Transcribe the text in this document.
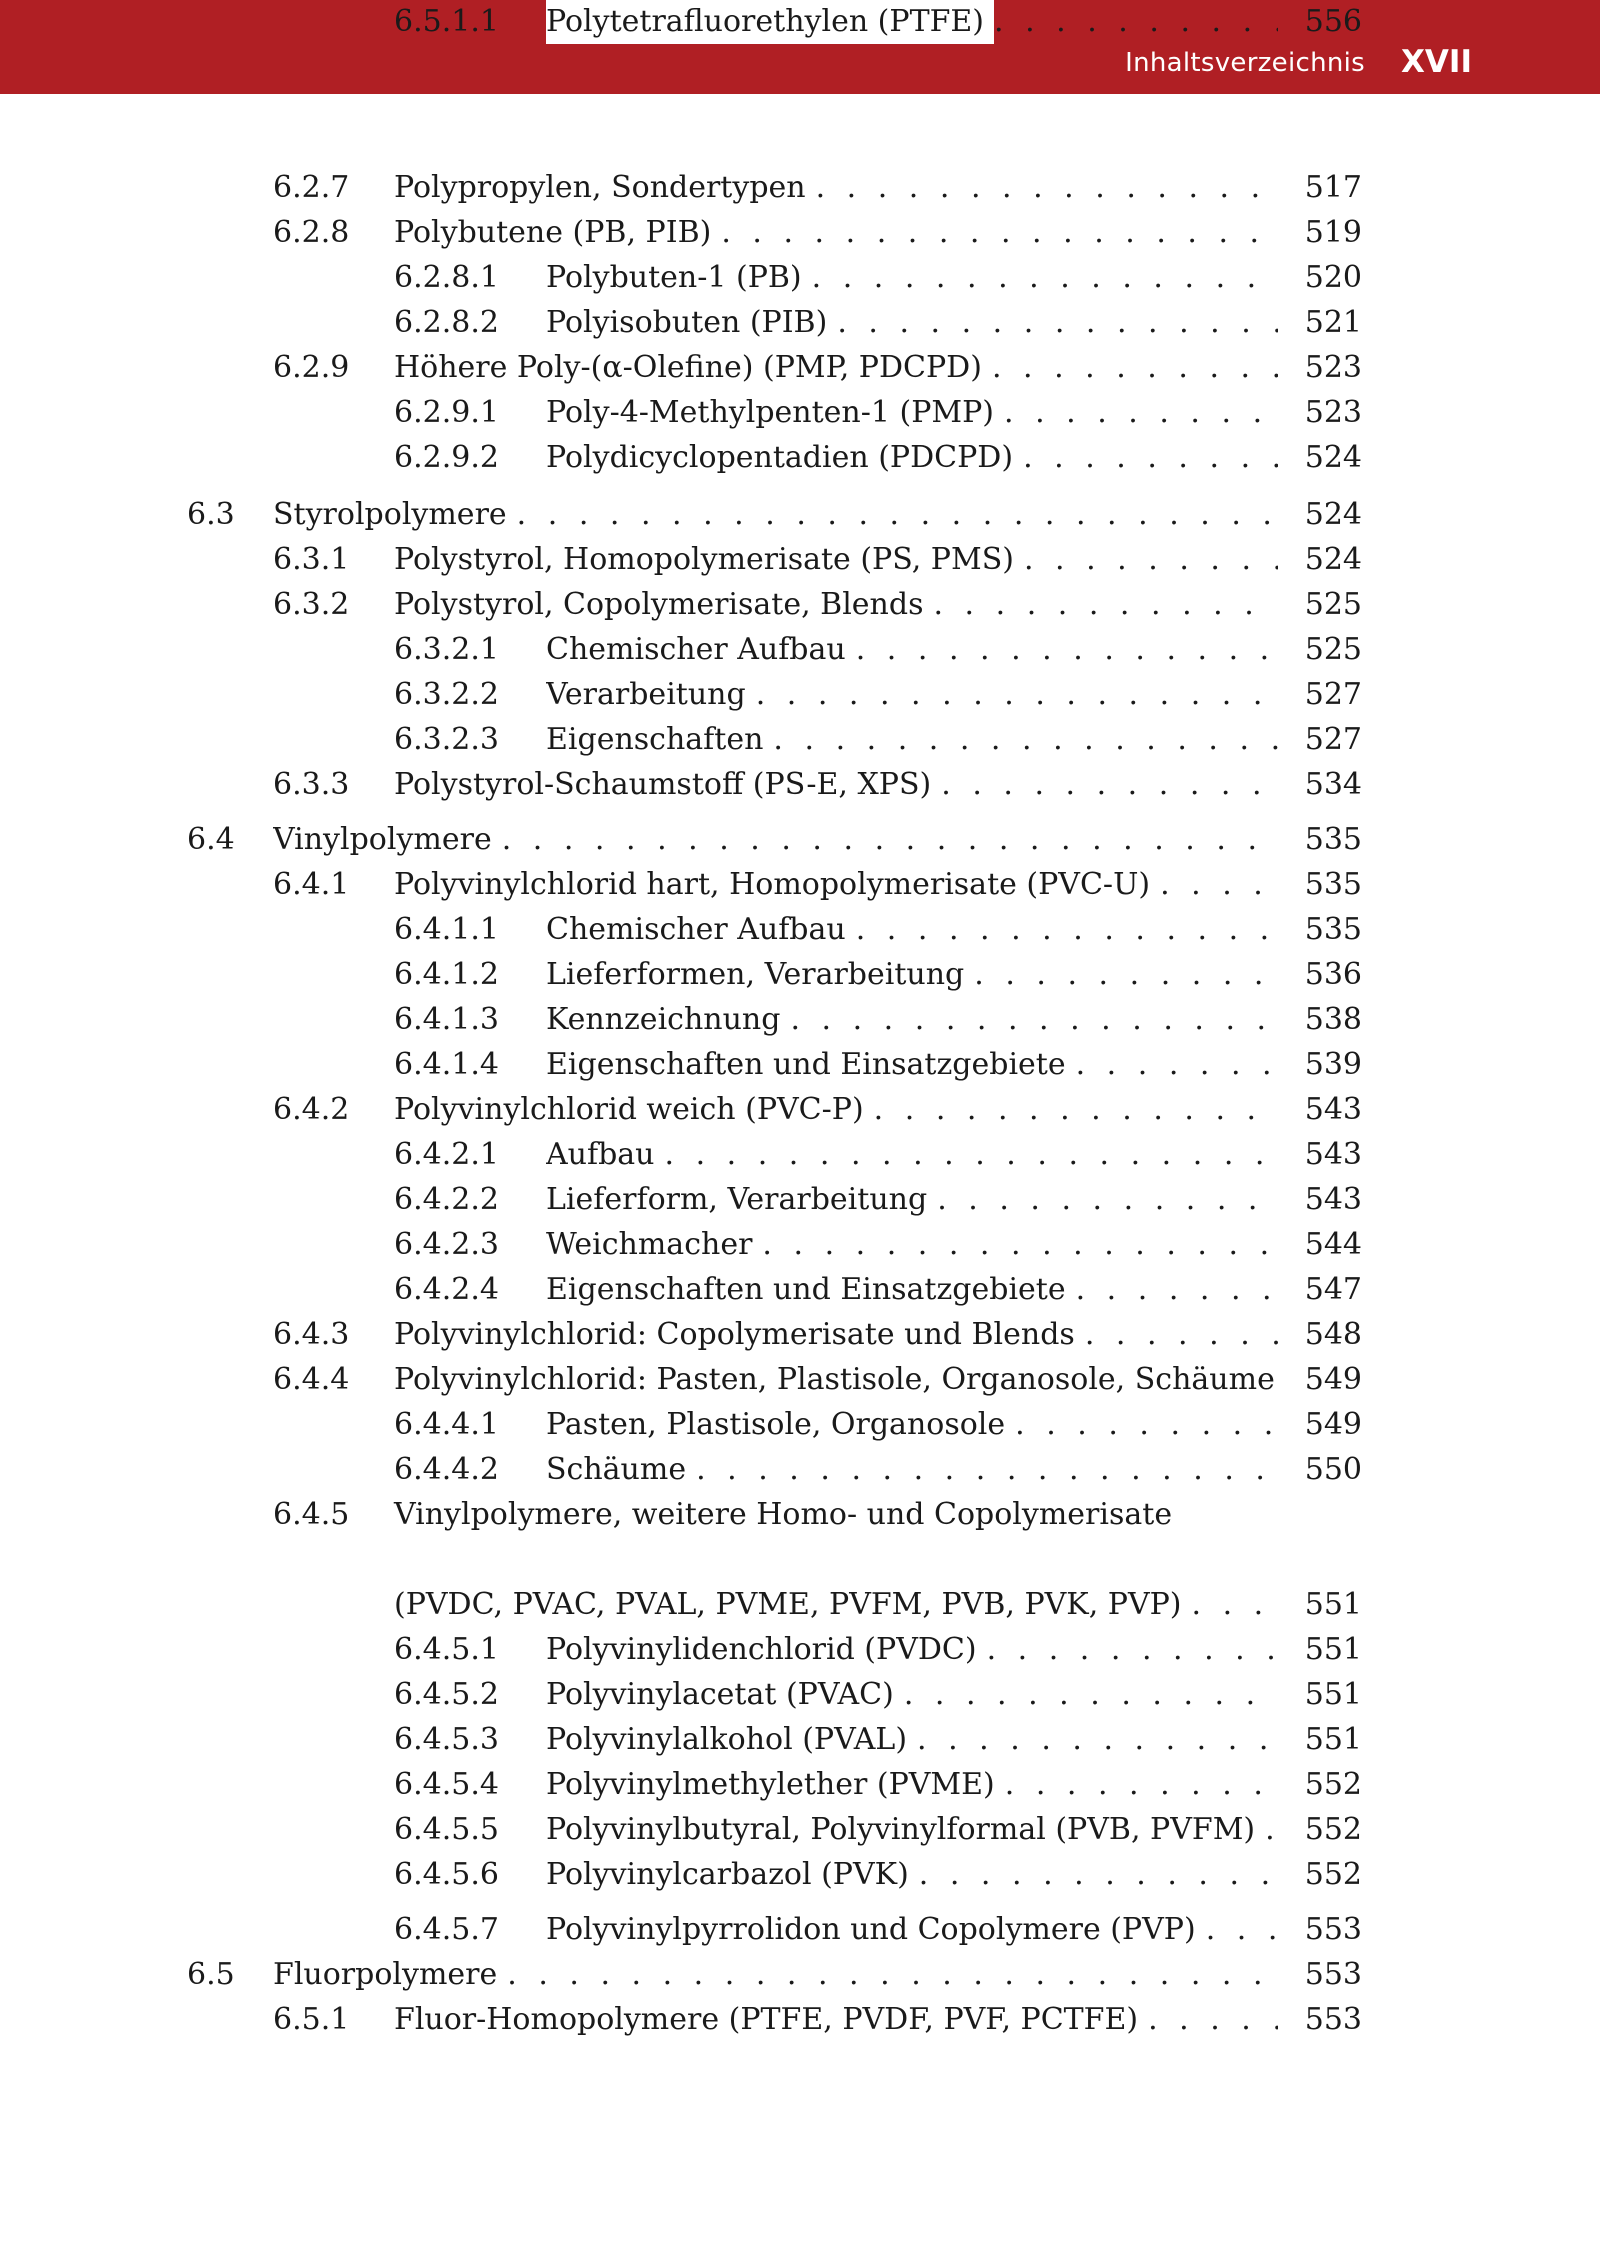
Inhaltsverzeichnis XVII
6.2.7 Polypropylen, Sondertypen . . .	517
6.2.8 Polybutene (PB, PIB) . . .	519
6.2.8.1 Polybuten-1 (PB) . . .	520
6.2.8.2 Polyisobuten (PIB) . . .	521
6.2.9 Höhere Poly-(α-Olefine) (PMP, PDCPD) . . .	523
6.2.9.1 Poly-4-Methylpenten-1 (PMP) . . .	523
6.2.9.2 Polydicyclopentadien (PDCPD) . . .	524
6.3 Styrolpolymere . . .	524
6.3.1 Polystyrol, Homopolymerisate (PS, PMS) . . .	524
6.3.2 Polystyrol, Copolymerisate, Blends . . .	525
6.3.2.1 Chemischer Aufbau . . .	525
6.3.2.2 Verarbeitung . . .	527
6.3.2.3 Eigenschaften . . .	527
6.3.3 Polystyrol-Schaumstoff (PS-E, XPS) . . .	534
6.4 Vinylpolymere . . .	535
6.4.1 Polyvinylchlorid hart, Homopolymerisate (PVC-U) . . .	535
6.4.1.1 Chemischer Aufbau . . .	535
6.4.1.2 Lieferformen, Verarbeitung . . .	536
6.4.1.3 Kennzeichnung . . .	538
6.4.1.4 Eigenschaften und Einsatzgebiete . . .	539
6.4.2 Polyvinylchlorid weich (PVC-P) . . .	543
6.4.2.1 Aufbau . . .	543
6.4.2.2 Lieferform, Verarbeitung . . .	543
6.4.2.3 Weichmacher . . .	544
6.4.2.4 Eigenschaften und Einsatzgebiete . . .	547
6.4.3 Polyvinylchlorid: Copolymerisate und Blends . . .	548
6.4.4 Polyvinylchlorid: Pasten, Plastisole, Organosole, Schäume 549
6.4.4.1 Pasten, Plastisole, Organosole . . .	549
6.4.4.2 Schäume . . .	550
6.4.5 Vinylpolymere, weitere Homo- und Copolymerisate
(PVDC, PVAC, PVAL, PVME, PVFM, PVB, PVK, PVP) . . .	551
6.4.5.1 Polyvinylidenchlorid (PVDC) . . .	551
6.4.5.2 Polyvinylacetat (PVAC) . . .	551
6.4.5.3 Polyvinylalkohol (PVAL) . . .	551
6.4.5.4 Polyvinylmethylether (PVME) . . .	552
6.4.5.5 Polyvinylbutyral, Polyvinylformal (PVB, PVFM) . . .	552
6.4.5.6 Polyvinylcarbazol (PVK) . . .	552
6.4.5.7 Polyvinylpyrrolidon und Copolymere (PVP) . . .	553
6.5 Fluorpolymere . . .	553
6.5.1 Fluor-Homopolymere (PTFE, PVDF, PVF, PCTFE) . . .	553
6.5.1.1 Polytetrafluorethylen (PTFE) . . .	556
